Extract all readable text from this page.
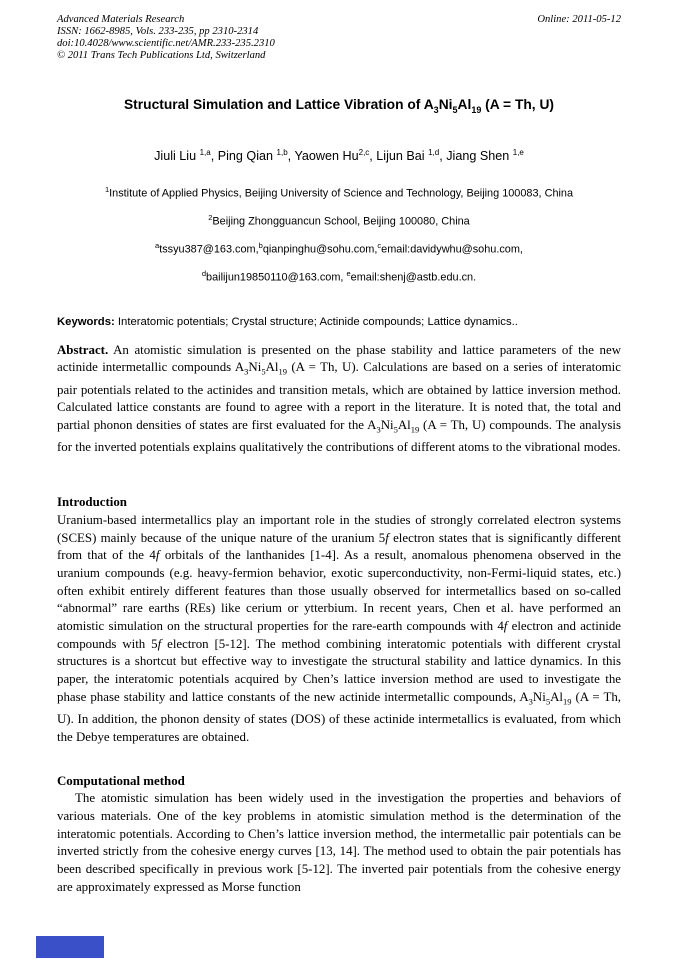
Advanced Materials Research
ISSN: 1662-8985, Vols. 233-235, pp 2310-2314
doi:10.4028/www.scientific.net/AMR.233-235.2310
© 2011 Trans Tech Publications Ltd, Switzerland
Online: 2011-05-12
Structural Simulation and Lattice Vibration of $A_3Ni_5Al_{19}$ (A = Th, U)
Jiuli Liu $^{1,a}$, Ping Qian $^{1,b}$, Yaowen Hu$^{2,c}$, Lijun Bai $^{1,d}$, Jiang Shen $^{1,e}$
$^1$Institute of Applied Physics, Beijing University of Science and Technology, Beijing 100083, China
$^2$Beijing Zhongguancun School, Beijing 100080, China
$^a$tssyu387@163.com,$^b$qianpinghu@sohu.com,$^c$email:davidywhu@sohu.com,
$^d$bailijun19850110@163.com, $^e$email:shenj@astb.edu.cn.

Keywords: Interatomic potentials; Crystal structure; Actinide compounds; Lattice dynamics..

Abstract. An atomistic simulation is presented on the phase stability and lattice parameters of the new actinide intermetallic compounds $A_3Ni_5Al_{19}$ (A = Th, U). Calculations are based on a series of interatomic pair potentials related to the actinides and transition metals, which are obtained by lattice inversion method. Calculated lattice constants are found to agree with a report in the literature. It is noted that, the total and partial phonon densities of states are first evaluated for the $A_3Ni_5Al_{19}$ (A = Th, U) compounds. The analysis for the inverted potentials explains qualitatively the contributions of different atoms to the vibrational modes.

Introduction

Uranium-based intermetallics play an important role in the studies of strongly correlated electron systems (SCES) mainly because of the unique nature of the uranium 5f electron states that is significantly different from that of the 4f orbitals of the lanthanides [1-4]. As a result, anomalous phenomena observed in the uranium compounds (e.g. heavy-fermion behavior, exotic superconductivity, non-Fermi-liquid states, etc.) often exhibit entirely different features than those usually observed for intermetallics based on so-called “abnormal” rare earths (REs) like cerium or ytterbium. In recent years, Chen et al. have performed an atomistic simulation on the structural properties for the rare-earth compounds with 4f electron and actinide compounds with 5f electron [5-12]. The method combining interatomic potentials with different crystal structures is a shortcut but effective way to investigate the structural stability and lattice dynamics. In this paper, the interatomic potentials acquired by Chen’s lattice inversion method are used to investigate the phase phase stability and lattice constants of the new actinide intermetallic compounds, $A_3Ni_5Al_{19}$ (A = Th, U). In addition, the phonon density of states (DOS) of these actinide intermetallics is evaluated, from which the Debye temperatures are obtained.

Computational method

The atomistic simulation has been widely used in the investigation the properties and behaviors of various materials. One of the key problems in atomistic simulation method is the determination of the interatomic potentials. According to Chen’s lattice inversion method, the intermetallic pair potentials can be inverted strictly from the cohesive energy curves [13, 14]. The method used to obtain the pair potentials has been described specifically in previous work [5-12]. The inverted pair potentials from the cohesive energy are approximately expressed as Morse function
